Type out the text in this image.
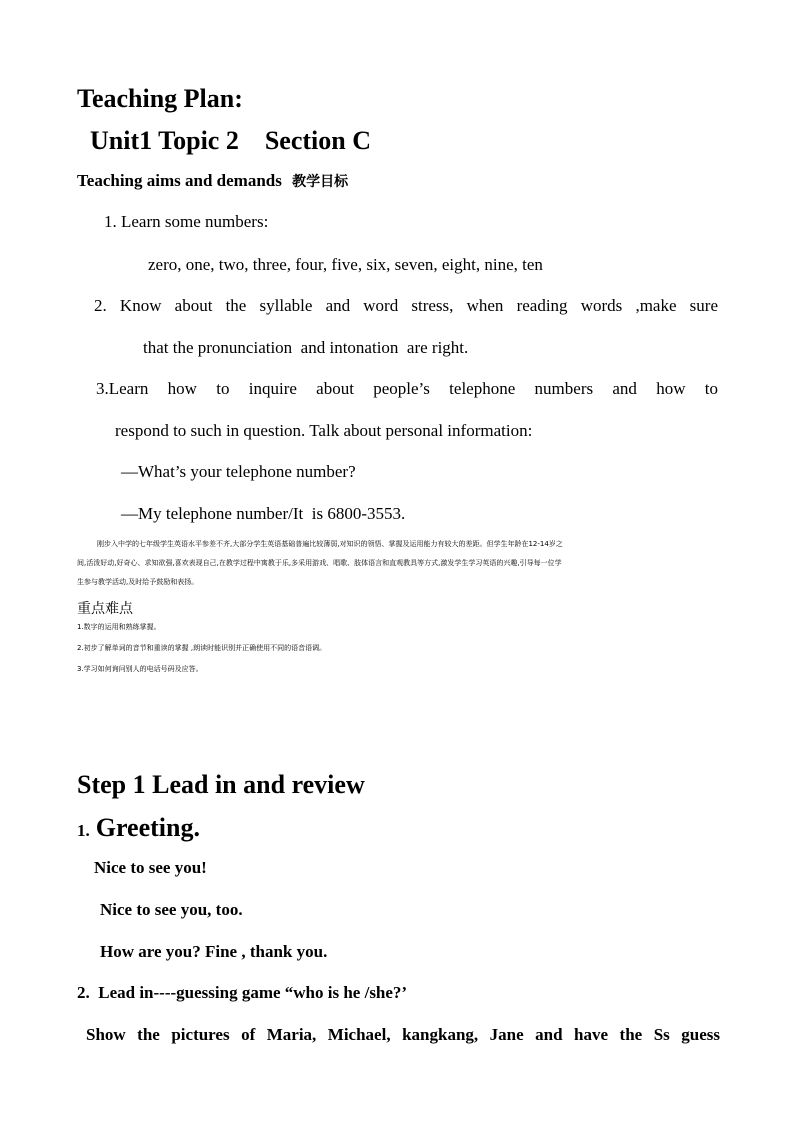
Teaching Plan:
Unit1 Topic 2    Section C
Teaching aims and demands 教学目标
1. Learn some numbers:
zero, one, two, three, four, five, six, seven, eight, nine, ten
2. Know about the syllable and word stress, when reading words ,make sure
that the pronunciation  and intonation  are right.
3.Learn how to inquire about people’s telephone numbers and how to
respond to such in question. Talk about personal information:
—What’s your telephone number?
—My telephone number/It  is 6800-3553.
刚步入中学的七年级学生英语水平参差不齐,大部分学生英语基础普遍比较薄弱,对知识的领悟、掌握及运用能力有较大的差距。但学生年龄在12-14岁之
间,活泼好动,好奇心、求知欲强,喜欢表现自己,在教学过程中寓教于乐,多采用游戏、唱歌、肢体语言和直观教具等方式,激发学生学习英语的兴趣,引导每一位学
生参与教学活动,及时给予鼓励和表扬。
重点难点
1.数字的运用和熟练掌握。
2.初步了解单词的音节和重读的掌握 ,朗读时能识别并正确使用不同的语音语调。
3.学习如何询问别人的电话号码及应答。
Step 1 Lead in and review
1. Greeting.
Nice to see you!
Nice to see you, too.
How are you? Fine , thank you.
2.  Lead in----guessing game “who is he /she?’
Show the pictures of Maria, Michael, kangkang, Jane and have the Ss guess
